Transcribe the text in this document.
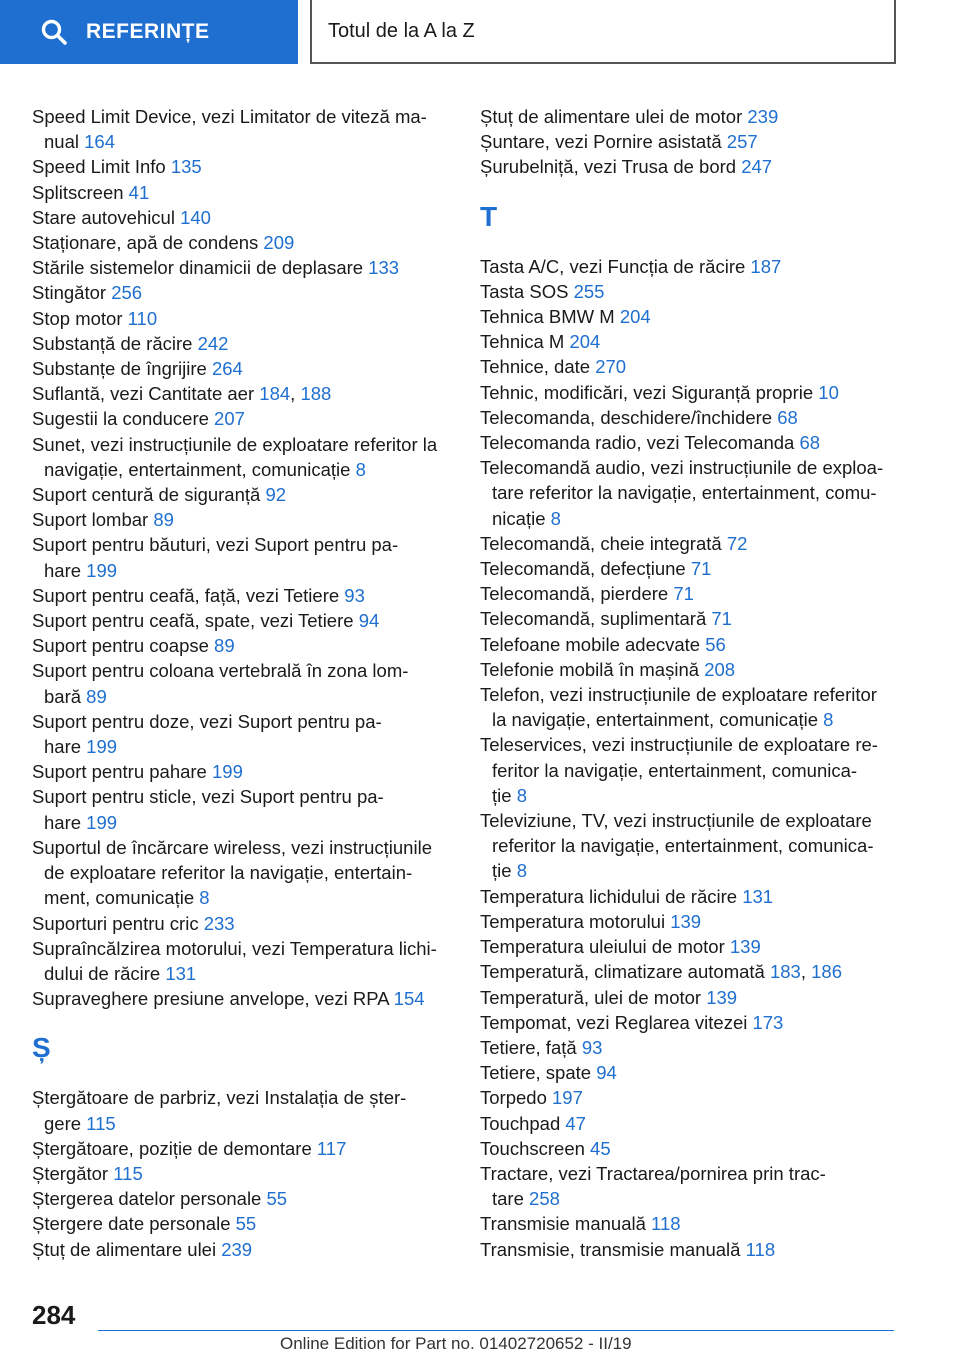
REFERINȚE	Totul de la A la Z
Speed Limit Device, vezi Limitator de viteză ma-
nual 164
Speed Limit Info 135
Splitscreen 41
Stare autovehicul 140
Staționare, apă de condens 209
Stările sistemelor dinamicii de deplasare 133
Stingător 256
Stop motor 110
Substanță de răcire 242
Substanțe de îngrijire 264
Suflantă, vezi Cantitate aer 184, 188
Sugestii la conducere 207
Sunet, vezi instrucțiunile de exploatare referitor la
navigație, entertainment, comunicație 8
Suport centură de siguranță 92
Suport lombar 89
Suport pentru băuturi, vezi Suport pentru pa-
hare 199
Suport pentru ceafă, față, vezi Tetiere 93
Suport pentru ceafă, spate, vezi Tetiere 94
Suport pentru coapse 89
Suport pentru coloana vertebrală în zona lom-
bară 89
Suport pentru doze, vezi Suport pentru pa-
hare 199
Suport pentru pahare 199
Suport pentru sticle, vezi Suport pentru pa-
hare 199
Suportul de încărcare wireless, vezi instrucțiunile
de exploatare referitor la navigație, entertain-
ment, comunicație 8
Suporturi pentru cric 233
Supraîncălzirea motorului, vezi Temperatura lichi-
dului de răcire 131
Supraveghere presiune anvelope, vezi RPA 154
Ș
Ștergătoare de parbriz, vezi Instalația de șter-
gere 115
Ștergătoare, poziție de demontare 117
Ștergător 115
Ștergerea datelor personale 55
Ștergere date personale 55
Ștuț de alimentare ulei 239
Ștuț de alimentare ulei de motor 239
Șuntare, vezi Pornire asistată 257
Șurubelniță, vezi Trusa de bord 247
T
Tasta A/C, vezi Funcția de răcire 187
Tasta SOS 255
Tehnica BMW M 204
Tehnica M 204
Tehnice, date 270
Tehnic, modificări, vezi Siguranță proprie 10
Telecomanda, deschidere/închidere 68
Telecomanda radio, vezi Telecomanda 68
Telecomandă audio, vezi instrucțiunile de exploa-
tare referitor la navigație, entertainment, comu-
nicație 8
Telecomandă, cheie integrată 72
Telecomandă, defecțiune 71
Telecomandă, pierdere 71
Telecomandă, suplimentară 71
Telefoane mobile adecvate 56
Telefonie mobilă în mașină 208
Telefon, vezi instrucțiunile de exploatare referitor
la navigație, entertainment, comunicație 8
Teleservices, vezi instrucțiunile de exploatare re-
feritor la navigație, entertainment, comunica-
ție 8
Televiziune, TV, vezi instrucțiunile de exploatare
referitor la navigație, entertainment, comunica-
ție 8
Temperatura lichidului de răcire 131
Temperatura motorului 139
Temperatura uleiului de motor 139
Temperatură, climatizare automată 183, 186
Temperatură, ulei de motor 139
Tempomat, vezi Reglarea vitezei 173
Tetiere, față 93
Tetiere, spate 94
Torpedo 197
Touchpad 47
Touchscreen 45
Tractare, vezi Tractarea/pornirea prin trac-
tare 258
Transmisie manuală 118
Transmisie, transmisie manuală 118
284
Online Edition for Part no. 01402720652 - II/19
